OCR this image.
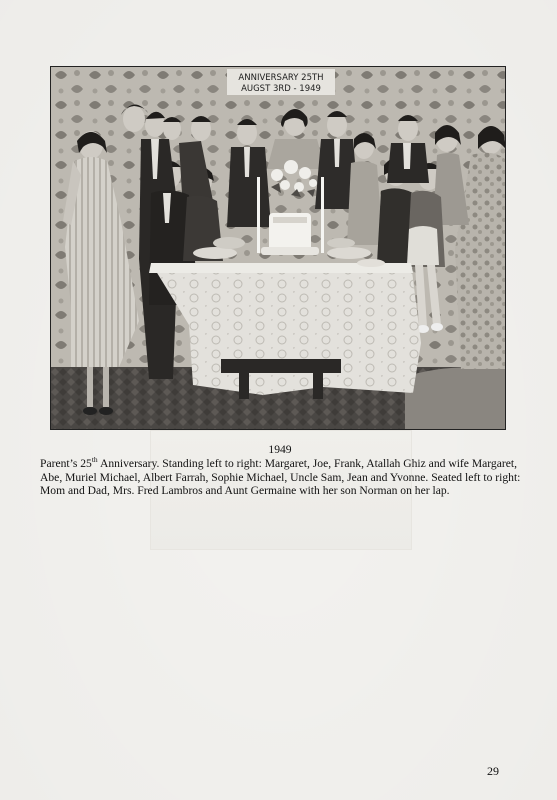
ANNIVERSARY 25TH
AUGST 3RD - 1949
1949
Parent’s 25th Anniversary. Standing left to right: Margaret, Joe, Frank, Atallah Ghiz and wife Margaret,
Abe, Muriel Michael, Albert Farrah, Sophie Michael, Uncle Sam, Jean and Yvonne. Seated left to right:
Mom and Dad, Mrs. Fred Lambros and Aunt Germaine with her son Norman on her lap.
29
